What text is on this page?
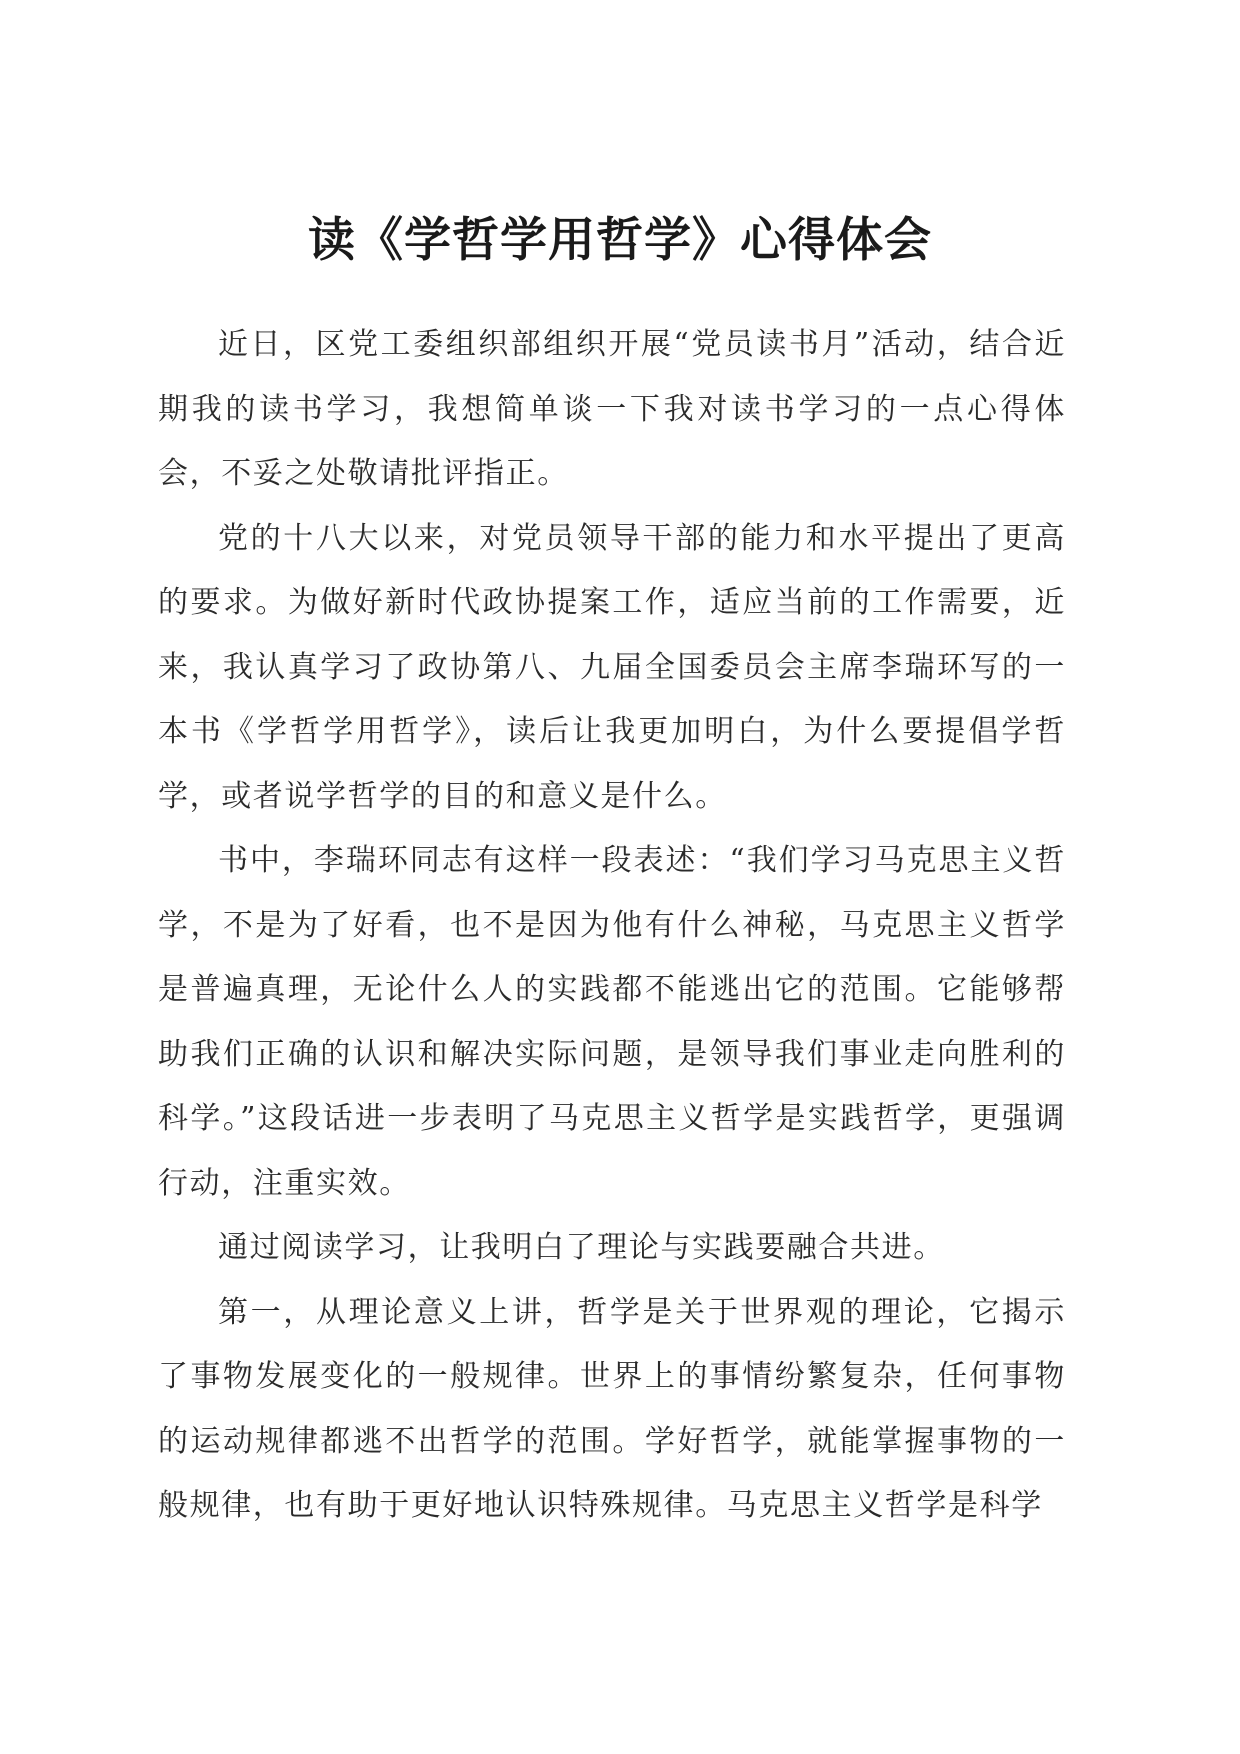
读《学哲学用哲学》心得体会

近日，区党工委组织部组织开展“党员读书月”活动，结合近期我的读书学习，我想简单谈一下我对读书学习的一点心得体会，不妥之处敬请批评指正。

党的十八大以来，对党员领导干部的能力和水平提出了更高的要求。为做好新时代政协提案工作，适应当前的工作需要，近来，我认真学习了政协第八、九届全国委员会主席李瑞环写的一本书《学哲学用哲学》，读后让我更加明白，为什么要提倡学哲学，或者说学哲学的目的和意义是什么。

书中，李瑞环同志有这样一段表述：“我们学习马克思主义哲学，不是为了好看，也不是因为他有什么神秘，马克思主义哲学是普遍真理，无论什么人的实践都不能逃出它的范围。它能够帮助我们正确的认识和解决实际问题，是领导我们事业走向胜利的科学。”这段话进一步表明了马克思主义哲学是实践哲学，更强调行动，注重实效。

通过阅读学习，让我明白了理论与实践要融合共进。

第一，从理论意义上讲，哲学是关于世界观的理论，它揭示了事物发展变化的一般规律。世界上的事情纷繁复杂，任何事物的运动规律都逃不出哲学的范围。学好哲学，就能掌握事物的一般规律，也有助于更好地认识特殊规律。马克思主义哲学是科学
